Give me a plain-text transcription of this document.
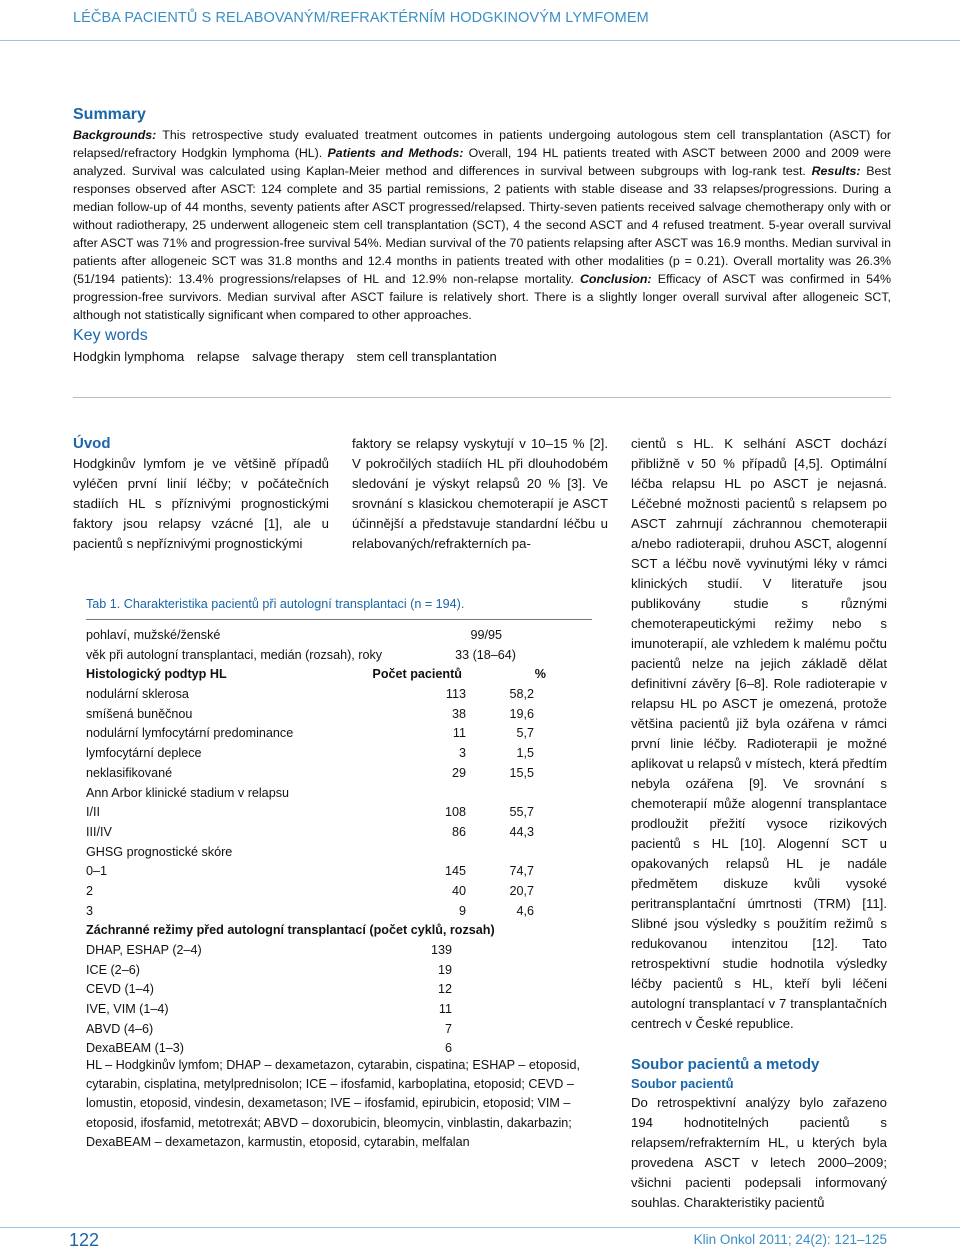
LÉČBA PACIENTŮ S RELABOVANÝM/REFRAKTÉRNÍM HODGKINOVÝM LYMFOMEM
Summary

Backgrounds: This retrospective study evaluated treatment outcomes in patients undergoing autologous stem cell transplantation (ASCT) for relapsed/refractory Hodgkin lymphoma (HL). Patients and Methods: Overall, 194 HL patients treated with ASCT between 2000 and 2009 were analyzed. Survival was calculated using Kaplan-Meier method and differences in survival between subgroups with log-rank test. Results: Best responses observed after ASCT: 124 complete and 35 partial remissions, 2 patients with stable disease and 33 relapses/progressions. During a median follow-up of 44 months, seventy patients after ASCT progressed/relapsed. Thirty-seven patients received salvage chemotherapy only with or without radiotherapy, 25 underwent allogeneic stem cell transplantation (SCT), 4 the second ASCT and 4 refused treatment. 5-year overall survival after ASCT was 71% and progression-free survival 54%. Median survival of the 70 patients relapsing after ASCT was 16.9 months. Median survival in patients after allogeneic SCT was 31.8 months and 12.4 months in patients treated with other modalities (p = 0.21). Overall mortality was 26.3% (51/194 patients): 13.4% progressions/relapses of HL and 12.9% non-relapse mortality. Conclusion: Efficacy of ASCT was confirmed in 54% progression-free survivors. Median survival after ASCT failure is relatively short. There is a slightly longer overall survival after allogeneic SCT, although not statistically significant when compared to other approaches.

Key words
Hodgkin lymphoma relapse salvage therapy stem cell transplantation
Úvod

Hodgkinův lymfom je ve většině případů vyléčen první linií léčby; v počátečních stadiích HL s příznivými prognostickými faktory jsou relapsy vzácné [1], ale u pacientů s nepříznivými prognostickými

faktory se relapsy vyskytují v 10–15 % [2]. V pokročilých stadiích HL při dlouhodobém sledování je výskyt relapsů 20 % [3]. Ve srovnání s klasickou chemoterapií je ASCT účinnější a představuje standardní léčbu u relabovaných/refrakterních pa-

cientů s HL. K selhání ASCT dochází přibližně v 50 % případů [4,5]. Optimální léčba relapsu HL po ASCT je nejasná. Léčebné možnosti pacientů s relapsem po ASCT zahrnují záchrannou chemoterapii a/nebo radioterapii, druhou ASCT, alogenní SCT a léčbu nově vyvinutými léky v rámci klinických studií. V literatuře jsou publikovány studie s různými chemoterapeutickými režimy nebo s imunoterapií, ale vzhledem k malému počtu pacientů nelze na jejich základě dělat definitivní závěry [6–8]. Role radioterapie v relapsu HL po ASCT je omezená, protože většina pacientů již byla ozářena v rámci první linie léčby. Radioterapii je možné aplikovat u relapsů v místech, která předtím nebyla ozářena [9]. Ve srovnání s chemoterapií může alogenní transplantace prodloužit přežití vysoce rizikových pacientů s HL [10]. Alogenní SCT u opakovaných relapsů HL je nadále předmětem diskuze kvůli vysoké peritransplantační úmrtnosti (TRM) [11]. Slibné jsou výsledky s použitím režimů s redukovanou intenzitou [12]. Tato retrospektivní studie hodnotila výsledky léčby pacientů s HL, kteří byli léčeni autologní transplantací v 7 transplantačních centrech v České republice.

Soubor pacientů a metody
Soubor pacientů

Do retrospektivní analýzy bylo zařazeno 194 hodnotitelných pacientů s relapsem/refrakterním HL, u kterých byla provedena ASCT v letech 2000–2009; všichni pacienti podepsali informovaný souhlas. Charakteristiky pacientů

Tab 1. Charakteristika pacientů při autologní transplantaci (n = 194).
pohlaví, mužské/ženské	99/95
věk při autologní transplantaci, medián (rozsah), roky	33 (18–64)
Histologický podtyp HL	Počet pacientů	%
nodulární sklerosa	113	58,2
smíšená buněčnou	38	19,6
nodulární lymfocytární predominance	11	5,7
lymfocytární deplece	3	1,5
neklasifikované	29	15,5
Ann Arbor klinické stadium v relapsu
I/II	108	55,7
III/IV	86	44,3
GHSG prognostické skóre
0–1	145	74,7
2	40	20,7
3	9	4,6
Záchranné režimy před autologní transplantací (počet cyklů, rozsah)
DHAP, ESHAP (2–4)	139
ICE (2–6)	19
CEVD (1–4)	12
IVE, VIM (1–4)	11
ABVD (4–6)	7
DexaBEAM (1–3)	6
HL – Hodgkinův lymfom; DHAP – dexametazon, cytarabin, cispatina; ESHAP – etoposid, cytarabin, cisplatina, metylprednisolon; ICE – ifosfamid, karboplatina, etoposid; CEVD – lomustin, etoposid, vindesin, dexametason; IVE – ifosfamid, epirubicin, etoposid; VIM – etoposid, ifosfamid, metotrexát; ABVD – doxorubicin, bleomycin, vinblastin, dakarbazin; DexaBEAM – dexametazon, karmustin, etoposid, cytarabin, melfalan
122	Klin Onkol 2011; 24(2): 121–125
